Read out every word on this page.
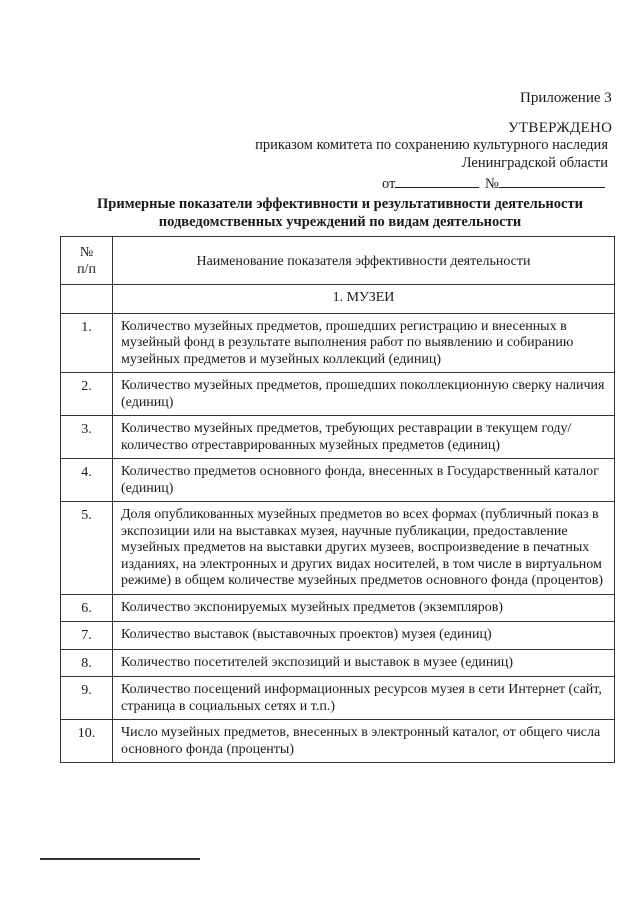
Приложение 3
УТВЕРЖДЕНО
приказом комитета по сохранению культурного наследия
Ленинградской области
от	№
Примерные показатели эффективности и результативности деятельности
подведомственных учреждений по видам деятельности
№
п/п	Наименование показателя эффективности деятельности
	1. МУЗЕИ
1.	Количество музейных предметов, прошедших регистрацию и внесенных в музейный фонд в результате выполнения работ по выявлению и собиранию музейных предметов и музейных коллекций (единиц)
2.	Количество музейных предметов, прошедших поколлекционную сверку наличия (единиц)
3.	Количество музейных предметов, требующих реставрации в текущем году/количество отреставрированных музейных предметов (единиц)
4.	Количество предметов основного фонда, внесенных в Государственный каталог (единиц)
5.	Доля опубликованных музейных предметов во всех формах (публичный показ в экспозиции или на выставках музея, научные публикации, предоставление музейных предметов на выставки других музеев, воспроизведение в печатных изданиях, на электронных и других видах носителей, в том числе в виртуальном режиме) в общем количестве музейных предметов основного фонда (процентов)
6.	Количество экспонируемых музейных предметов (экземпляров)
7.	Количество выставок (выставочных проектов) музея (единиц)
8.	Количество посетителей экспозиций и выставок в музее (единиц)
9.	Количество посещений информационных ресурсов музея в сети Интернет (сайт, страница в социальных сетях и т.п.)
10.	Число музейных предметов, внесенных в электронный каталог, от общего числа основного фонда (проценты)
